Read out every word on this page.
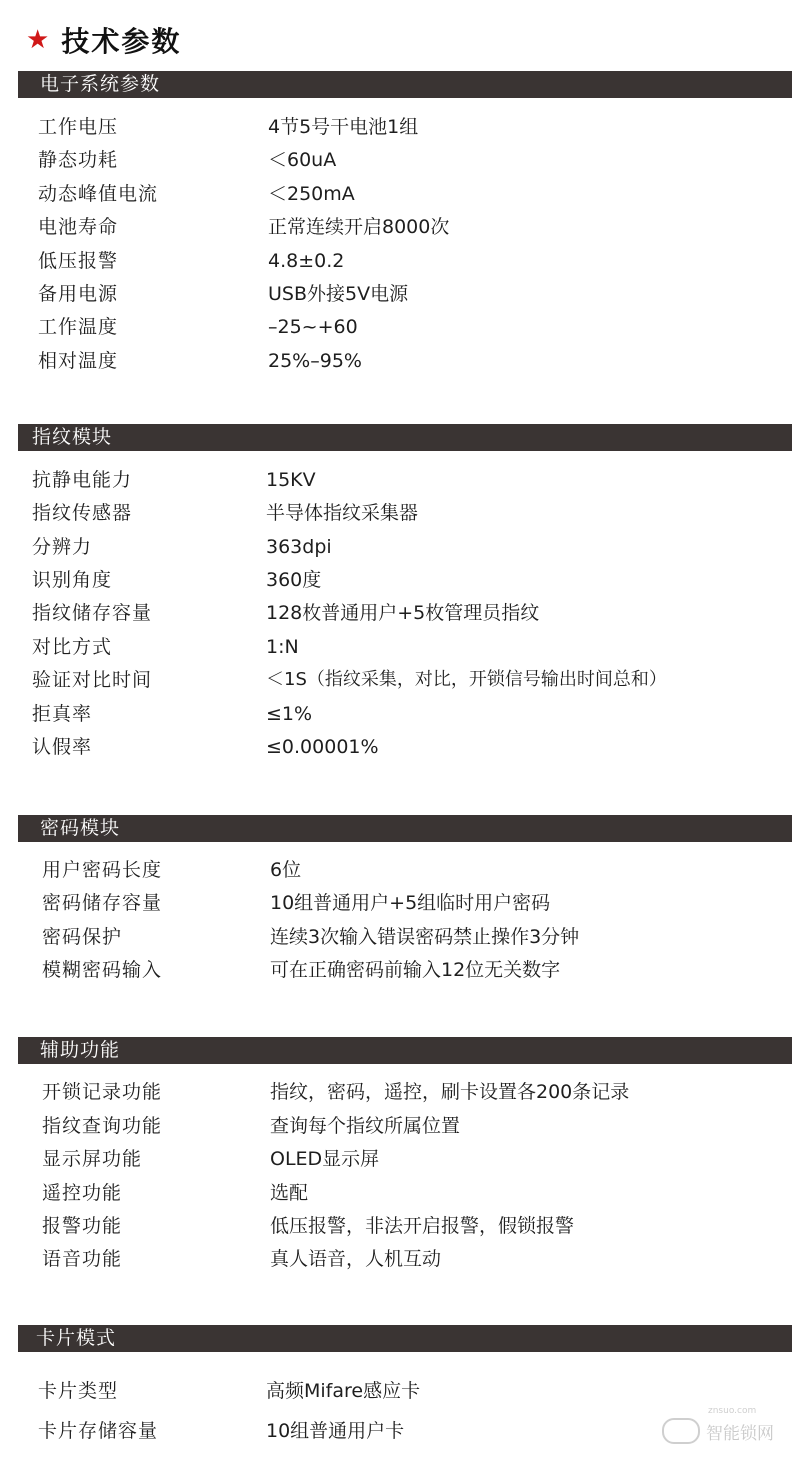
★ 技术参数
电子系统参数
工作电压	4节5号干电池1组
静态功耗	＜60uA
动态峰值电流	＜250mA
电池寿命	正常连续开启8000次
低压报警	4.8±0.2
备用电源	USB外接5V电源
工作温度	–25~+60
相对温度	25%–95%
指纹模块
抗静电能力	15KV
指纹传感器	半导体指纹采集器
分辨力	363dpi
识别角度	360度
指纹储存容量	128枚普通用户+5枚管理员指纹
对比方式	1:N
验证对比时间	＜1S（指纹采集，对比，开锁信号输出时间总和）
拒真率	≤1%
认假率	≤0.00001%
密码模块
用户密码长度	6位
密码储存容量	10组普通用户+5组临时用户密码
密码保护	连续3次输入错误密码禁止操作3分钟
模糊密码输入	可在正确密码前输入12位无关数字
辅助功能
开锁记录功能	指纹，密码，遥控，刷卡设置各200条记录
指纹查询功能	查询每个指纹所属位置
显示屏功能	OLED显示屏
遥控功能	选配
报警功能	低压报警，非法开启报警，假锁报警
语音功能	真人语音，人机互动
卡片模式
卡片类型	高频Mifare感应卡
卡片存储容量	10组普通用户卡	智能锁网
znsuo.com
